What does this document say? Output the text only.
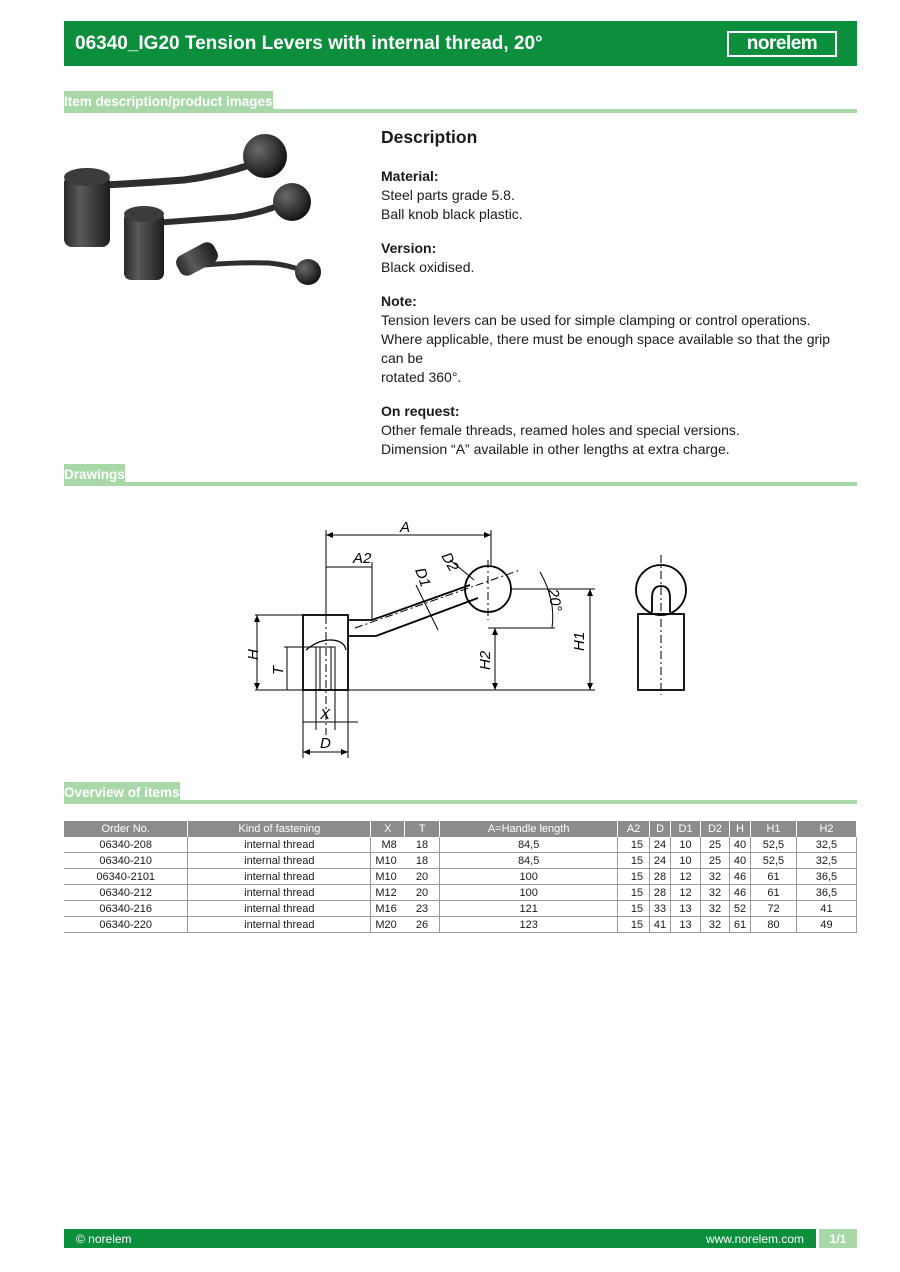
06340_IG20 Tension Levers with internal thread, 20°	norelem
Item description/product images
Description
Material:
Steel parts grade 5.8.
Ball knob black plastic.
Version:
Black oxidised.
Note:
Tension levers can be used for simple clamping or control operations.
Where applicable, there must be enough space available so that the grip can be
rotated 360°.
On request:
Other female threads, reamed holes and special versions.
Dimension “A” available in other lengths at extra charge.
Drawings
A
A2	D2
D1
20°
H
T
H2
H1
X
D
Overview of items
Order No.	Kind of fastening	X	T	A=Handle length	A2	D	D1	D2	H	H1	H2
06340-208	internal thread	M8	18	84,5	15	24	10	25	40	52,5	32,5
06340-210	internal thread	M10	18	84,5	15	24	10	25	40	52,5	32,5
06340-2101	internal thread	M10	20	100	15	28	12	32	46	61	36,5
06340-212	internal thread	M12	20	100	15	28	12	32	46	61	36,5
06340-216	internal thread	M16	23	121	15	33	13	32	52	72	41
06340-220	internal thread	M20	26	123	15	41	13	32	61	80	49
© norelem	www.norelem.com	1/1
